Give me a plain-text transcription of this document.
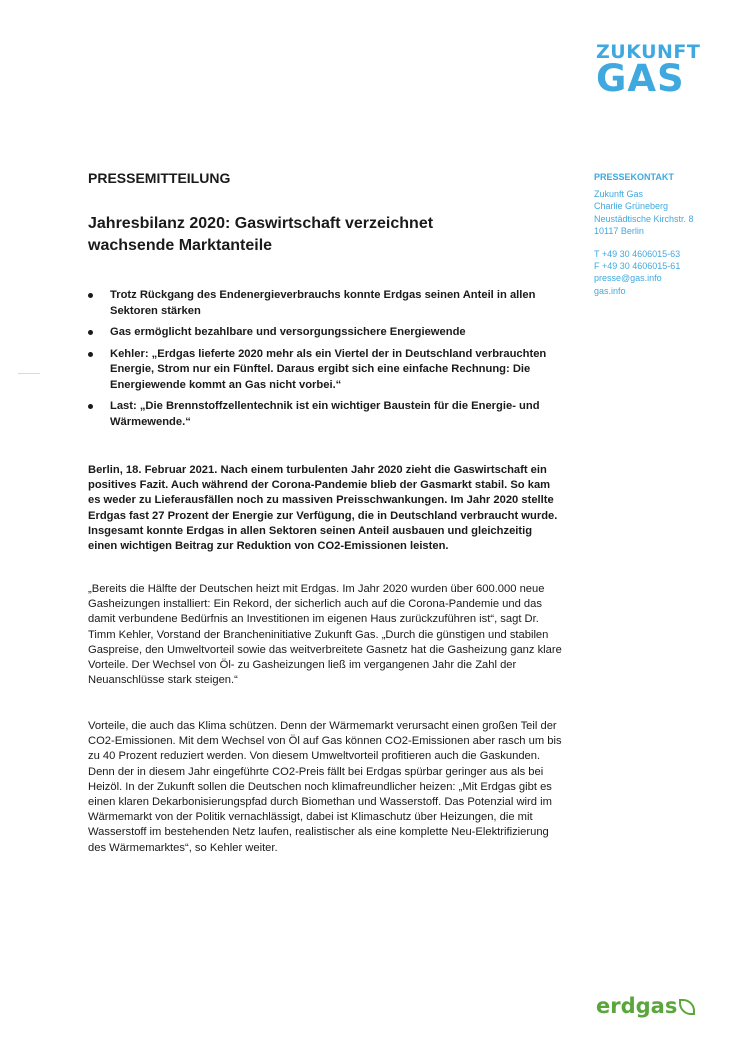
ZUKUNFT
GAS
PRESSEKONTAKT
Zukunft Gas
Charlie Grüneberg
Neustädtische Kirchstr. 8
10117 Berlin
T +49 30 4606015-63
F +49 30 4606015-61
presse@gas.info
gas.info
PRESSEMITTEILUNG
Jahresbilanz 2020: Gaswirtschaft verzeichnet wachsende Marktanteile
Trotz Rückgang des Endenergieverbrauchs konnte Erdgas seinen Anteil in allen Sektoren stärken
Gas ermöglicht bezahlbare und versorgungssichere Energiewende
Kehler: „Erdgas lieferte 2020 mehr als ein Viertel der in Deutschland verbrauchten Energie, Strom nur ein Fünftel. Daraus ergibt sich eine einfache Rechnung: Die Energiewende kommt an Gas nicht vorbei.“
Last: „Die Brennstoffzellentechnik ist ein wichtiger Baustein für die Energie- und Wärmewende.“

Berlin, 18. Februar 2021. Nach einem turbulenten Jahr 2020 zieht die Gaswirtschaft ein positives Fazit. Auch während der Corona-Pandemie blieb der Gasmarkt stabil. So kam es weder zu Lieferausfällen noch zu massiven Preisschwankungen. Im Jahr 2020 stellte Erdgas fast 27 Prozent der Energie zur Verfügung, die in Deutschland verbraucht wurde. Insgesamt konnte Erdgas in allen Sektoren seinen Anteil ausbauen und gleichzeitig einen wichtigen Beitrag zur Reduktion von CO2-Emissionen leisten.

„Bereits die Hälfte der Deutschen heizt mit Erdgas. Im Jahr 2020 wurden über 600.000 neue Gasheizungen installiert: Ein Rekord, der sicherlich auch auf die Corona-Pandemie und das damit verbundene Bedürfnis an Investitionen im eigenen Haus zurückzuführen ist“, sagt Dr. Timm Kehler, Vorstand der Brancheninitiative Zukunft Gas. „Durch die günstigen und stabilen Gaspreise, den Umweltvorteil sowie das weitverbreitete Gasnetz hat die Gasheizung ganz klare Vorteile. Der Wechsel von Öl- zu Gasheizungen ließ im vergangenen Jahr die Zahl der Neuanschlüsse stark steigen.“

Vorteile, die auch das Klima schützen. Denn der Wärmemarkt verursacht einen großen Teil der CO2-Emissionen. Mit dem Wechsel von Öl auf Gas können CO2-Emissionen aber rasch um bis zu 40 Prozent reduziert werden. Von diesem Umweltvorteil profitieren auch die Gaskunden. Denn der in diesem Jahr eingeführte CO2-Preis fällt bei Erdgas spürbar geringer aus als bei Heizöl. In der Zukunft sollen die Deutschen noch klimafreundlicher heizen: „Mit Erdgas gibt es einen klaren Dekarbonisierungspfad durch Biomethan und Wasserstoff. Das Potenzial wird im Wärmemarkt von der Politik vernachlässigt, dabei ist Klimaschutz über Heizungen, die mit Wasserstoff im bestehenden Netz laufen, realistischer als eine komplette Neu-Elektrifizierung des Wärmemarktes“, so Kehler weiter.

erdgas
